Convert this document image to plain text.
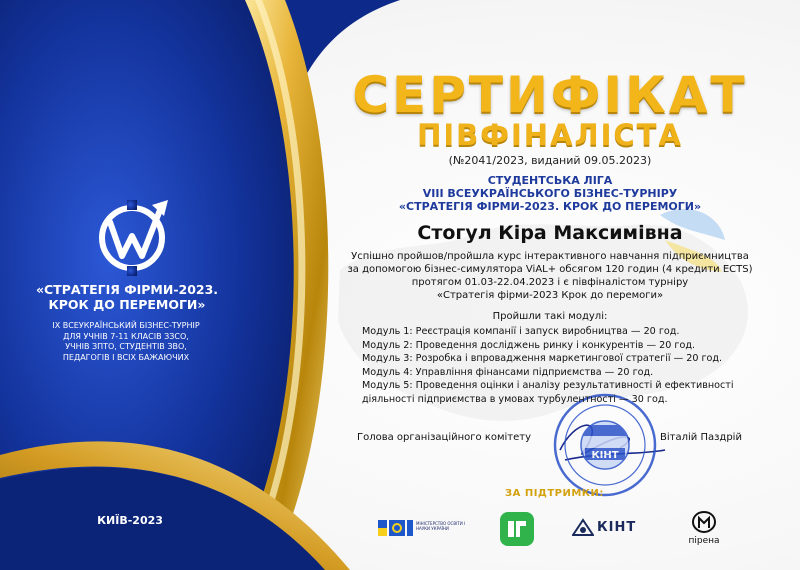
КІНТ
«СТРАТЕГІЯ ФІРМИ-2023.
КРОК ДО ПЕРЕМОГИ»
IX ВСЕУКРАЇНСЬКИЙ БІЗНЕС-ТУРНІР
ДЛЯ УЧНІВ 7-11 КЛАСІВ ЗЗСО,
УЧНІВ ЗПТО, СТУДЕНТІВ ЗВО,
ПЕДАГОГІВ І ВСІХ БАЖАЮЧИХ
КИЇВ-2023
СЕРТИФІКАТ
ПІВФІНАЛІСТА
(№2041/2023, виданий 09.05.2023)
СТУДЕНТСЬКА ЛІГА
VIII ВСЕУКРАЇНСЬКОГО БІЗНЕС-ТУРНІРУ
«СТРАТЕГІЯ ФІРМИ-2023. КРОК ДО ПЕРЕМОГИ»
Стогул Кіра Максимівна
Успішно пройшов/пройшла курс інтерактивного навчання підприємництва
за допомогою бізнес-симулятора ViAL+ обсягом 120 годин (4 кредити ECTS)
протягом 01.03-22.04.2023 і є півфіналістом турніру
«Стратегія фірми-2023 Крок до перемоги»
Пройшли такі модулі:
Модуль 1: Реєстрація компанії і запуск виробництва — 20 год.
Модуль 2: Проведення досліджень ринку і конкурентів — 20 год.
Модуль 3: Розробка і впровадження маркетингової стратегії — 20 год.
Модуль 4: Управління фінансами підприємства — 20 год.
Модуль 5: Проведення оцінки і аналізу результативності й ефективності
діяльності підприємства в умовах турбулентності — 30 год.
Голова організаційного комітету	Віталій Паздрій
ЗА ПІДТРИМКИ:
МІНІСТЕРСТВО ОСВІТИ І НАУКИ УКРАЇНИ	КІНТ
пірена
